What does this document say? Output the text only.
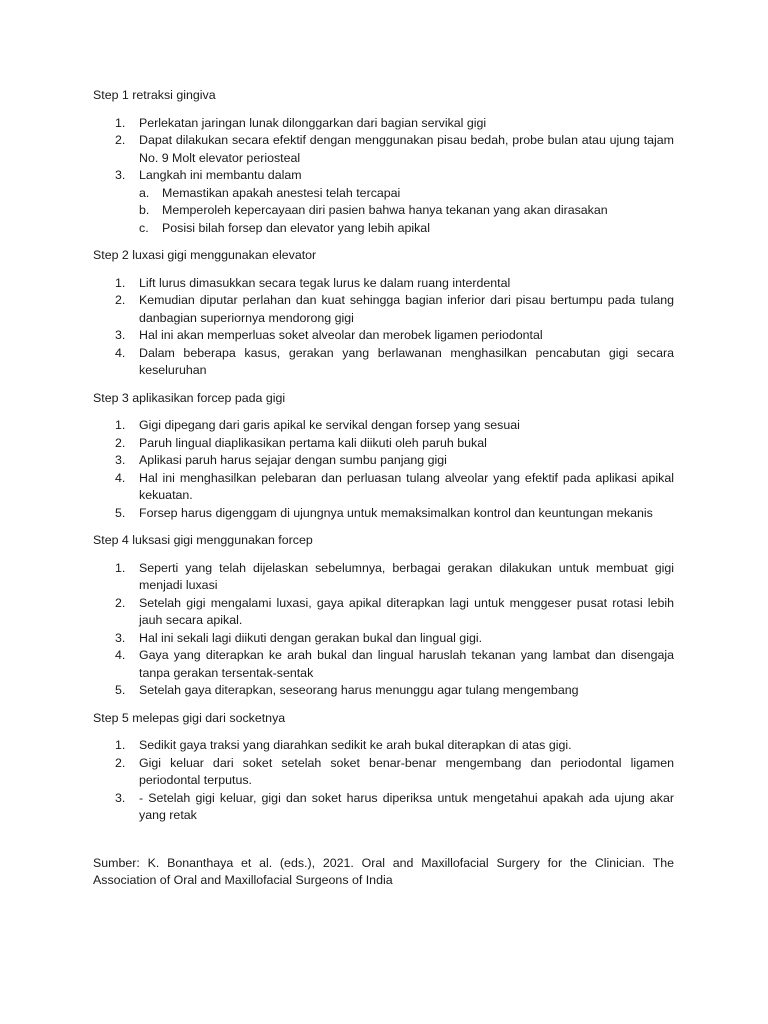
Step 1 retraksi gingiva

1. Perlekatan jaringan lunak dilonggarkan dari bagian servikal gigi
2. Dapat dilakukan secara efektif dengan menggunakan pisau bedah, probe bulan atau ujung tajam No. 9 Molt elevator periosteal
3. Langkah ini membantu dalam
a. Memastikan apakah anestesi telah tercapai
b. Memperoleh kepercayaan diri pasien bahwa hanya tekanan yang akan dirasakan
c. Posisi bilah forsep dan elevator yang lebih apikal

Step 2 luxasi gigi menggunakan elevator

1. Lift lurus dimasukkan secara tegak lurus ke dalam ruang interdental
2. Kemudian diputar perlahan dan kuat sehingga bagian inferior dari pisau bertumpu pada tulang danbagian superiornya mendorong gigi
3. Hal ini akan memperluas soket alveolar dan merobek ligamen periodontal
4. Dalam beberapa kasus, gerakan yang berlawanan menghasilkan pencabutan gigi secara keseluruhan

Step 3 aplikasikan forcep pada gigi

1. Gigi dipegang dari garis apikal ke servikal dengan forsep yang sesuai
2. Paruh lingual diaplikasikan pertama kali diikuti oleh paruh bukal
3. Aplikasi paruh harus sejajar dengan sumbu panjang gigi
4. Hal ini menghasilkan pelebaran dan perluasan tulang alveolar yang efektif pada aplikasi apikal kekuatan.
5. Forsep harus digenggam di ujungnya untuk memaksimalkan kontrol dan keuntungan mekanis

Step 4 luksasi gigi menggunakan forcep

1. Seperti yang telah dijelaskan sebelumnya, berbagai gerakan dilakukan untuk membuat gigi menjadi luxasi
2. Setelah gigi mengalami luxasi, gaya apikal diterapkan lagi untuk menggeser pusat rotasi lebih jauh secara apikal.
3. Hal ini sekali lagi diikuti dengan gerakan bukal dan lingual gigi.
4. Gaya yang diterapkan ke arah bukal dan lingual haruslah tekanan yang lambat dan disengaja tanpa gerakan tersentak-sentak
5. Setelah gaya diterapkan, seseorang harus menunggu agar tulang mengembang

Step 5 melepas gigi dari socketnya

1. Sedikit gaya traksi yang diarahkan sedikit ke arah bukal diterapkan di atas gigi.
2. Gigi keluar dari soket setelah soket benar-benar mengembang dan periodontal ligamen periodontal terputus.
3. - Setelah gigi keluar, gigi dan soket harus diperiksa untuk mengetahui apakah ada ujung akar yang retak

Sumber: K. Bonanthaya et al. (eds.), 2021. Oral and Maxillofacial Surgery for the Clinician. The Association of Oral and Maxillofacial Surgeons of India
